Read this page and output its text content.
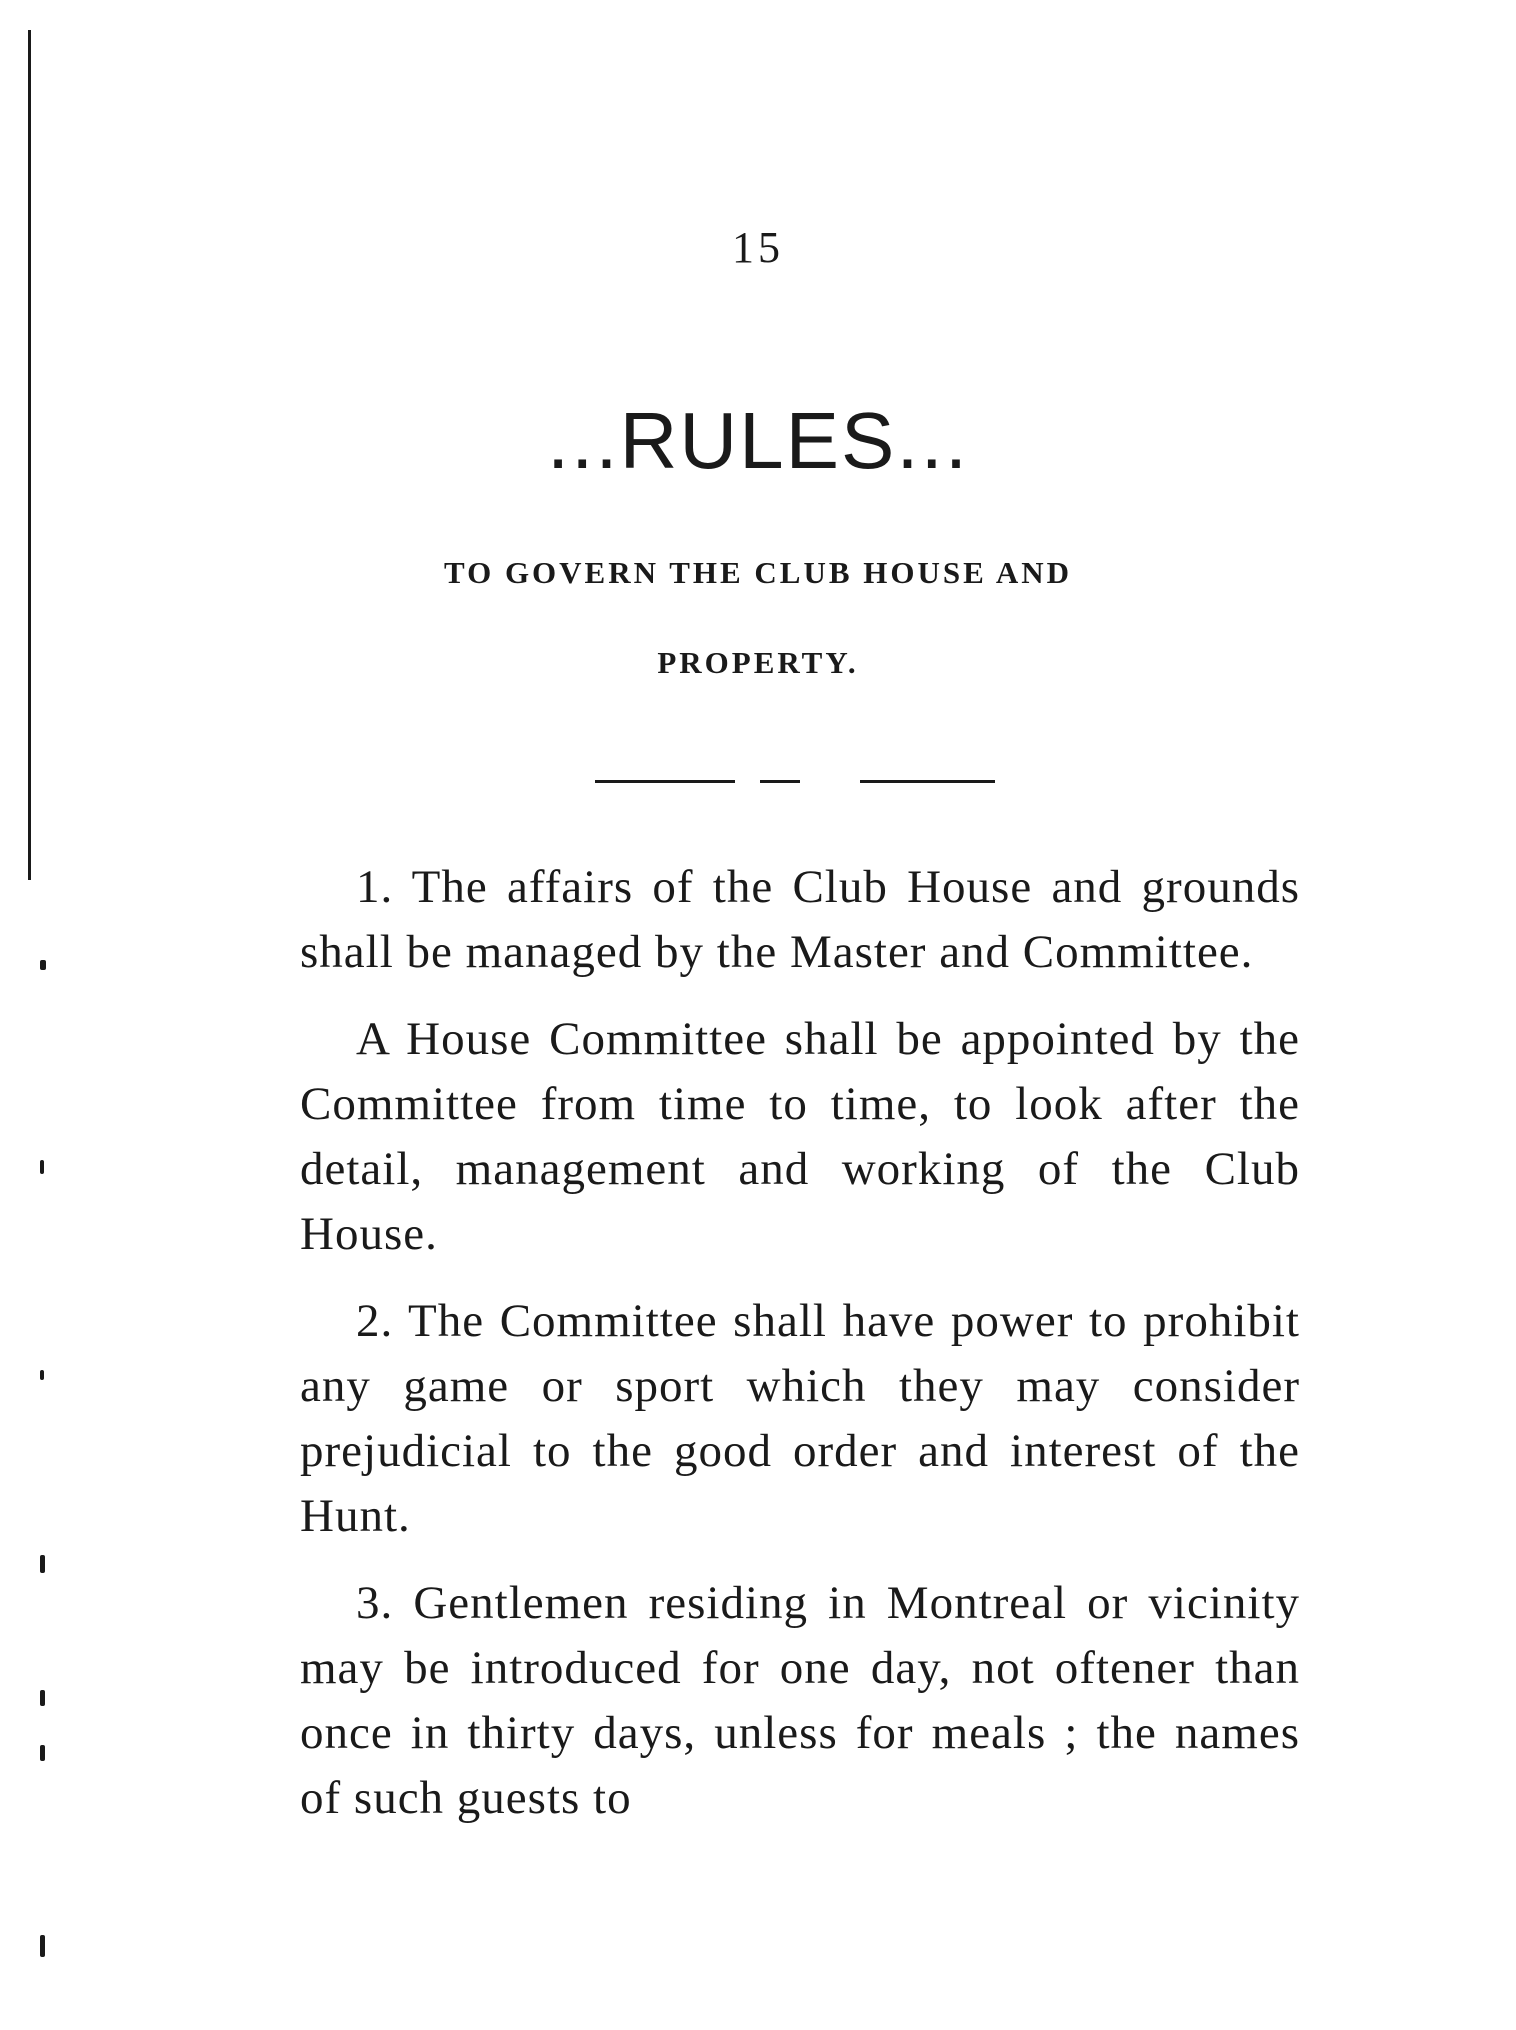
15
...RULES...
TO GOVERN THE CLUB HOUSE AND
PROPERTY.

1. The affairs of the Club House and grounds shall be managed by the Master and Committee.

A House Committee shall be appointed by the Committee from time to time, to look after the detail, management and working of the Club House.

2. The Committee shall have power to prohibit any game or sport which they may consider prejudicial to the good order and interest of the Hunt.

3. Gentlemen residing in Montreal or vicinity may be introduced for one day, not oftener than once in thirty days, unless for meals ; the names of such guests to
